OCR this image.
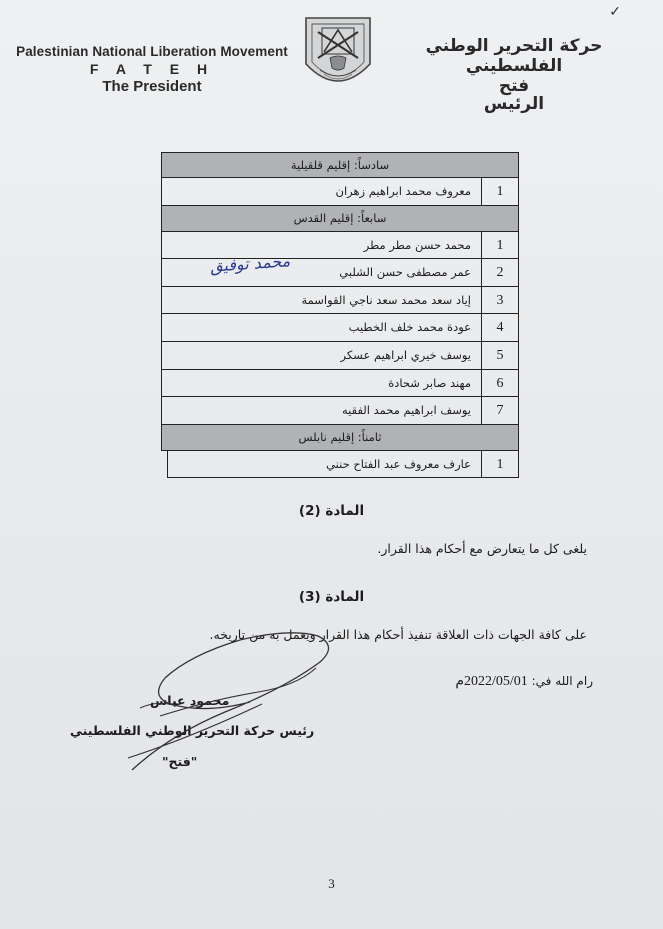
✓
Palestinian National Liberation Movement
F A T E H
The President
حركة التحرير الوطني الفلسطيني
فتح
الرئيس
سادساً: إقليم قلقيلية
1
معروف محمد ابراهيم زهران
سابعاً: إقليم القدس
1
محمد حسن مطر مطر
2
عمر مصطفى حسن الشلبي
3
إياد سعد محمد سعد ناجي القواسمة
4
عودة محمد خلف الخطيب
5
يوسف خيري ابراهيم عسكر
6
مهند صابر شحادة
7
يوسف ابراهيم محمد الفقيه
ثامناً: إقليم نابلس
1
عارف معروف عبد الفتاح حنني
محمد توفيق
المادة (2)
يلغى كل ما يتعارض مع أحكام هذا القرار.
المادة (3)
على كافة الجهات ذات العلاقة تنفيذ أحكام هذا القرار ويعمل به من تاريخه.
رام الله في: 2022/05/01م
محمود عباس
رئيس حركة التحرير الوطني الفلسطيني
"فتح"
3
